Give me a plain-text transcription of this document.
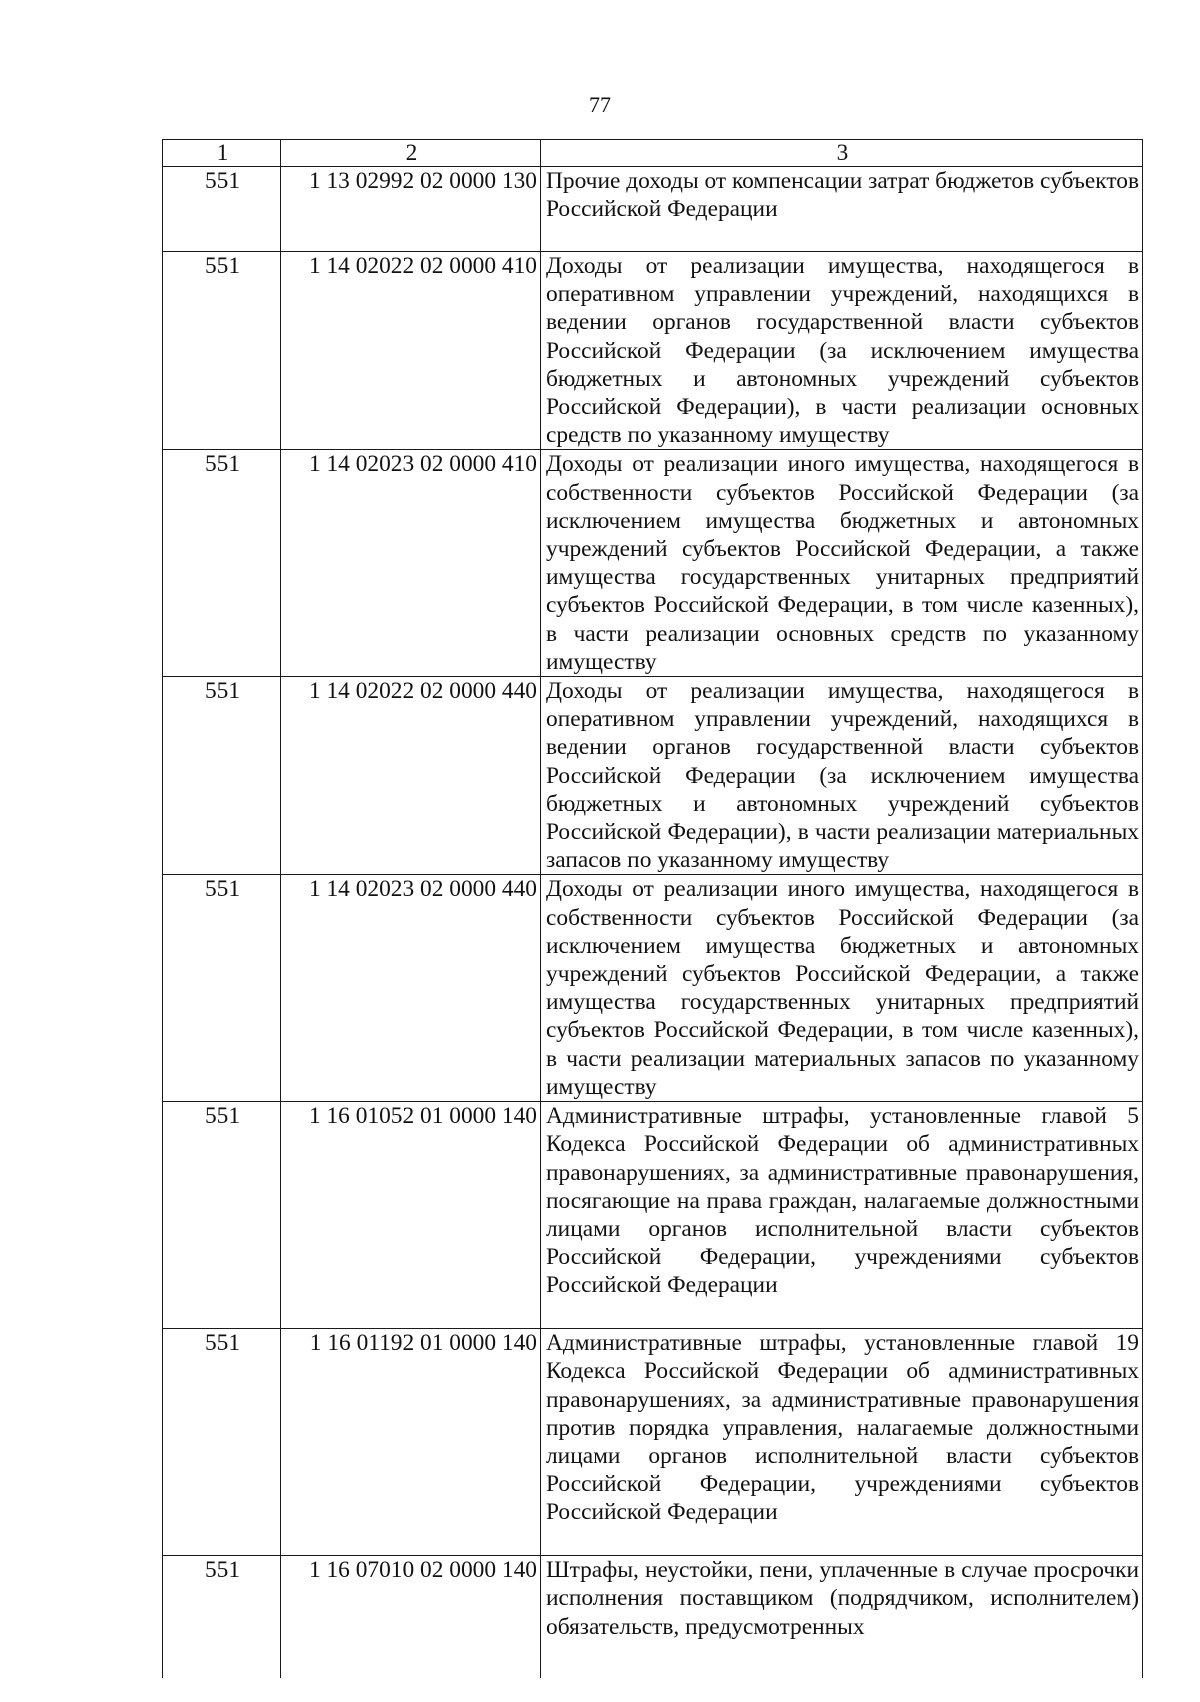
77
1	2	3
551	1 13 02992 02 0000 130	Прочие доходы от компенсации затрат бюджетов субъектов Российской Федерации
551	1 14 02022 02 0000 410	Доходы от реализации имущества, находящегося в оперативном управлении учреждений, находящихся в ведении органов государственной власти субъектов Российской Федерации (за исключением имущества бюджетных и автономных учреждений субъектов Российской Федерации), в части реализации основных средств по указанному имуществу
551	1 14 02023 02 0000 410	Доходы от реализации иного имущества, находящегося в собственности субъектов Российской Федерации (за исключением имущества бюджетных и автономных учреждений субъектов Российской Федерации, а также имущества государственных унитарных предприятий субъектов Российской Федерации, в том числе казенных), в части реализации основных средств по указанному имуществу
551	1 14 02022 02 0000 440	Доходы от реализации имущества, находящегося в оперативном управлении учреждений, находящихся в ведении органов государственной власти субъектов Российской Федерации (за исключением имущества бюджетных и автономных учреждений субъектов Российской Федерации), в части реализации материальных запасов по указанному имуществу
551	1 14 02023 02 0000 440	Доходы от реализации иного имущества, находящегося в собственности субъектов Российской Федерации (за исключением имущества бюджетных и автономных учреждений субъектов Российской Федерации, а также имущества государственных унитарных предприятий субъектов Российской Федерации, в том числе казенных), в части реализации материальных запасов по указанному имуществу
551	1 16 01052 01 0000 140	Административные штрафы, установленные главой 5 Кодекса Российской Федерации об административных правонарушениях, за административные правонарушения, посягающие на права граждан, налагаемые должностными лицами органов исполнительной власти субъектов Российской Федерации, учреждениями субъектов Российской Федерации
551	1 16 01192 01 0000 140	Административные штрафы, установленные главой 19 Кодекса Российской Федерации об административных правонарушениях, за административные правонарушения против порядка управления, налагаемые должностными лицами органов исполнительной власти субъектов Российской Федерации, учреждениями субъектов Российской Федерации
551	1 16 07010 02 0000 140	Штрафы, неустойки, пени, уплаченные в случае просрочки исполнения поставщиком (подрядчиком, исполнителем) обязательств, предусмотренных
